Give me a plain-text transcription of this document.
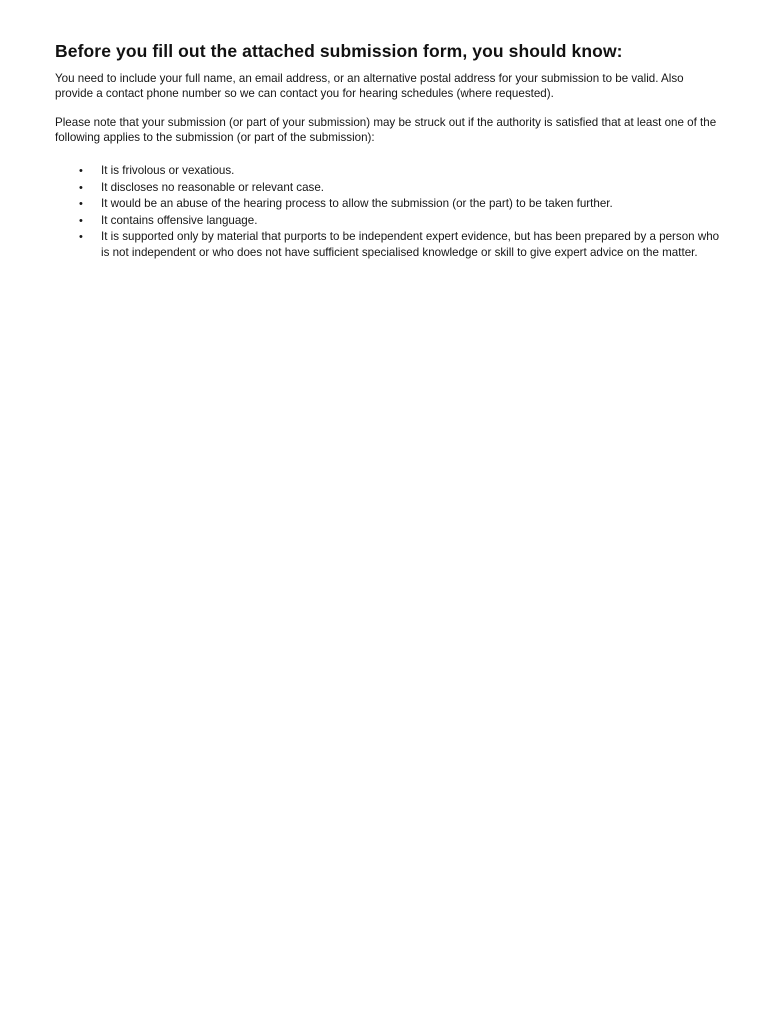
Before you fill out the attached submission form, you should know:

You need to include your full name, an email address, or an alternative postal address for your submission to be valid. Also provide a contact phone number so we can contact you for hearing schedules (where requested).

Please note that your submission (or part of your submission) may be struck out if the authority is satisfied that at least one of the following applies to the submission (or part of the submission):

• It is frivolous or vexatious.
• It discloses no reasonable or relevant case.
• It would be an abuse of the hearing process to allow the submission (or the part) to be taken further.
• It contains offensive language.
• It is supported only by material that purports to be independent expert evidence, but has been prepared by a person who is not independent or who does not have sufficient specialised knowledge or skill to give expert advice on the matter.
